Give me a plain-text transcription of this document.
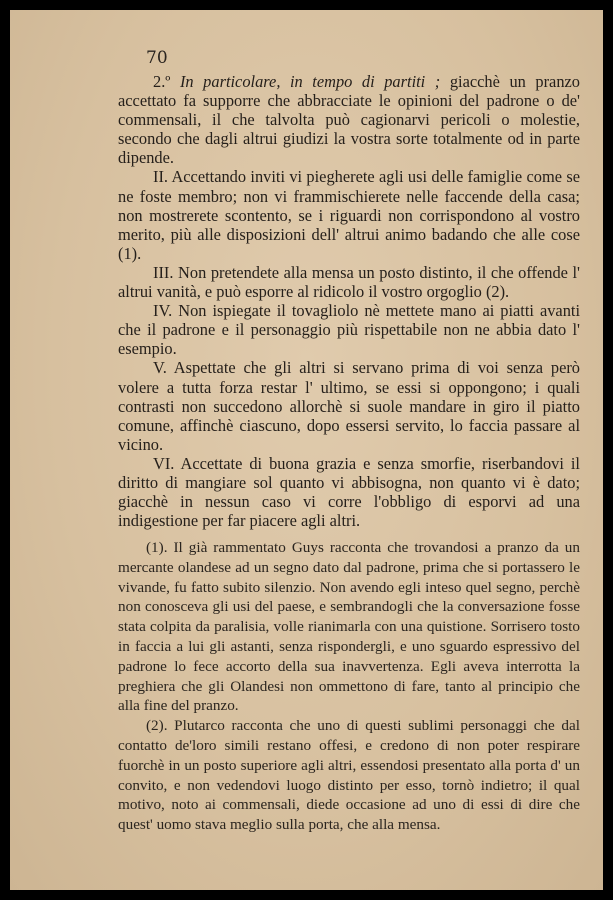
70

2.º In particolare, in tempo di partiti ; giacchè un pranzo accettato fa supporre che abbracciate le opinioni del padrone o de' commensali, il che talvolta può cagionarvi pericoli o molestie, secondo che dagli altrui giudizi la vostra sorte totalmente od in parte dipende.

II. Accettando inviti vi piegherete agli usi delle famiglie come se ne foste membro; non vi frammischierete nelle faccende della casa; non mostrerete scontento, se i riguardi non corrispondono al vostro merito, più alle disposizioni dell' altrui animo badando che alle cose (1).

III. Non pretendete alla mensa un posto distinto, il che offende l' altrui vanità, e può esporre al ridicolo il vostro orgoglio (2).

IV. Non ispiegate il tovagliolo nè mettete mano ai piatti avanti che il padrone e il personaggio più rispettabile non ne abbia dato l' esempio.

V. Aspettate che gli altri si servano prima di voi senza però volere a tutta forza restar l' ultimo, se essi si oppongono; i quali contrasti non succedono allorchè si suole mandare in giro il piatto comune, affinchè ciascuno, dopo essersi servito, lo faccia passare al vicino.

VI. Accettate di buona grazia e senza smorfie, riserbandovi il diritto di mangiare sol quanto vi abbisogna, non quanto vi è dato; giacchè in nessun caso vi corre l'obbligo di esporvi ad una indigestione per far piacere agli altri.

(1). Il già rammentato Guys racconta che trovandosi a pranzo da un mercante olandese ad un segno dato dal padrone, prima che si portassero le vivande, fu fatto subito silenzio. Non avendo egli inteso quel segno, perchè non conosceva gli usi del paese, e sembrandogli che la conversazione fosse stata colpita da paralisia, volle rianimarla con una quistione. Sorrisero tosto in faccia a lui gli astanti, senza rispondergli, e uno sguardo espressivo del padrone lo fece accorto della sua inavvertenza. Egli aveva interrotta la preghiera che gli Olandesi non ommettono di fare, tanto al principio che alla fine del pranzo.

(2). Plutarco racconta che uno di questi sublimi personaggi che dal contatto de'loro simili restano offesi, e credono di non poter respirare fuorchè in un posto superiore agli altri, essendosi presentato alla porta d' un convito, e non vedendovi luogo distinto per esso, tornò indietro; il qual motivo, noto ai commensali, diede occasione ad uno di essi di dire che quest' uomo stava meglio sulla porta, che alla mensa.
